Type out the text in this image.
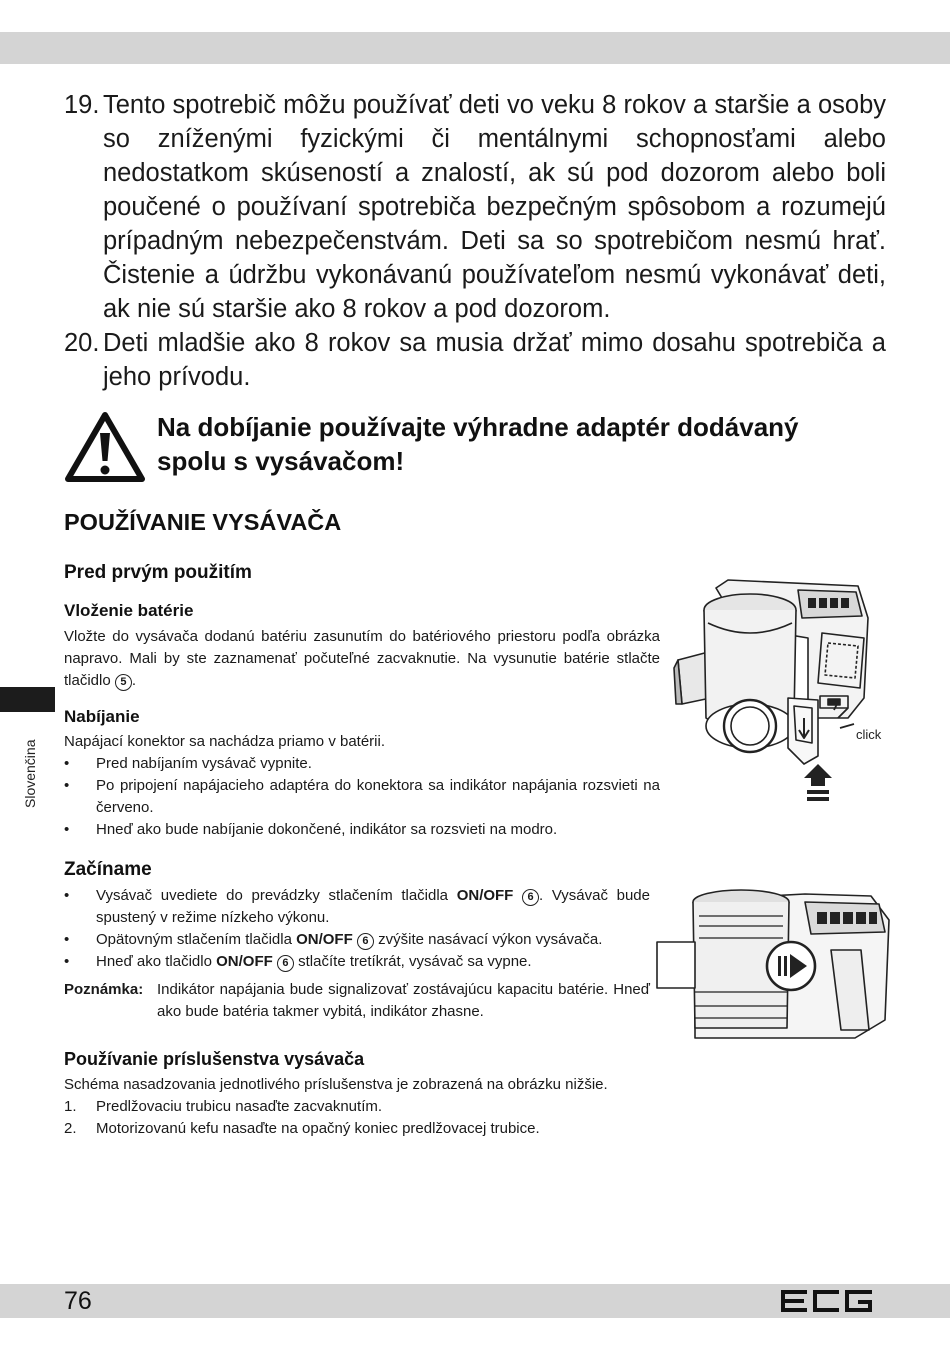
Slovenčina

19. Tento spotrebič môžu používať deti vo veku 8 rokov a staršie a osoby so zníženými fyzickými či mentálnymi schopnosťami alebo nedostatkom skúseností a znalostí, ak sú pod dozorom alebo boli poučené o používaní spotrebiča bezpečným spôsobom a rozumejú prípadným nebezpečenstvám. Deti sa so spotrebičom nesmú hrať. Čistenie a údržbu vykonávanú používateľom nesmú vykonávať deti, ak nie sú staršie ako 8 rokov a pod dozorom.

20. Deti mladšie ako 8 rokov sa musia držať mimo dosahu spotrebiča a jeho prívodu.

Na dobíjanie používajte výhradne adaptér dodávaný
spolu s vysávačom!
POUŽÍVANIE VYSÁVAČA
Pred prvým použitím
Vloženie batérie
Vložte do vysávača dodanú batériu zasunutím do batériového priestoru podľa obrázka napravo. Mali by ste zaznamenať počuteľné zacvaknutie. Na vysunutie batérie stlačte tlačidlo 5 .
Nabíjanie
Napájací konektor sa nachádza priamo v batérii.

• Pred nabíjaním vysávač vypnite.

• Po pripojení napájacieho adaptéra do konektora sa indikátor napájania rozsvieti na červeno.

• Hneď ako bude nabíjanie dokončené, indikátor sa rozsvieti na modro.

Začíname

• Vysávač uvediete do prevádzky stlačením tlačidla ON/OFF 6 . Vysávač bude spustený v režime nízkeho výkonu.

• Opätovným stlačením tlačidla ON/OFF 6 zvýšite nasávací výkon vysávača.

• Hneď ako tlačidlo ON/OFF 6 stlačíte tretíkrát, vysávač sa vypne.

Poznámka: Indikátor napájania bude signalizovať zostávajúcu kapacitu batérie. Hneď ako bude batéria takmer vybitá, indikátor zhasne.
Používanie príslušenstva vysávača
Schéma nasadzovania jednotlivého príslušenstva je zobrazená na obrázku nižšie.

1. Predlžovaciu trubicu nasaďte zacvaknutím.

2. Motorizovanú kefu nasaďte na opačný koniec predlžovacej trubice.

click
76
